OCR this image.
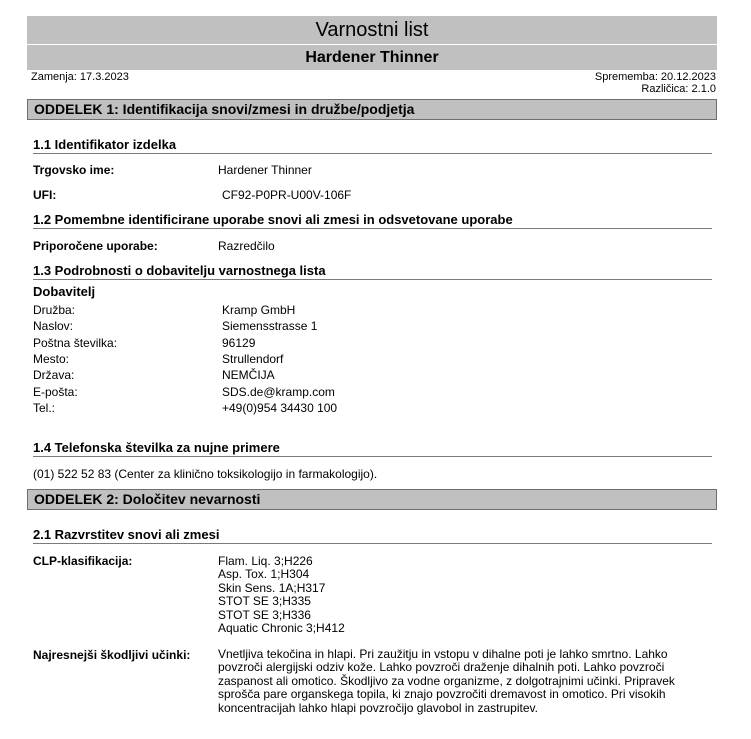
Varnostni list
Hardener Thinner
Zamenja: 17.3.2023	Sprememba: 20.12.2023
Različica: 2.1.0
ODDELEK 1: Identifikacija snovi/zmesi in družbe/podjetja
1.1 Identifikator izdelka
Trgovsko ime:	Hardener Thinner
UFI:	CF92-P0PR-U00V-106F
1.2 Pomembne identificirane uporabe snovi ali zmesi in odsvetovane uporabe
Priporočene uporabe:	Razredčilo
1.3 Podrobnosti o dobavitelju varnostnega lista
Dobavitelj
Družba:	Kramp GmbH
Naslov:	Siemensstrasse 1
Poštna številka:	96129
Mesto:	Strullendorf
Država:	NEMČIJA
E-pošta:	SDS.de@kramp.com
Tel.:	+49(0)954 34430 100
1.4 Telefonska številka za nujne primere
(01) 522 52 83 (Center za klinično toksikologijo in farmakologijo).
ODDELEK 2: Določitev nevarnosti
2.1 Razvrstitev snovi ali zmesi
CLP-klasifikacija:	Flam. Liq. 3;H226
Asp. Tox. 1;H304
Skin Sens. 1A;H317
STOT SE 3;H335
STOT SE 3;H336
Aquatic Chronic 3;H412
Najresnejši škodljivi učinki: Vnetljiva tekočina in hlapi. Pri zaužitju in vstopu v dihalne poti je lahko smrtno. Lahko
povzroči alergijski odziv kože. Lahko povzroči draženje dihalnih poti. Lahko povzroči
zaspanost ali omotico. Škodljivo za vodne organizme, z dolgotrajnimi učinki. Pripravek
sprošča pare organskega topila, ki znajo povzročiti dremavost in omotico. Pri visokih
koncentracijah lahko hlapi povzročijo glavobol in zastrupitev.
